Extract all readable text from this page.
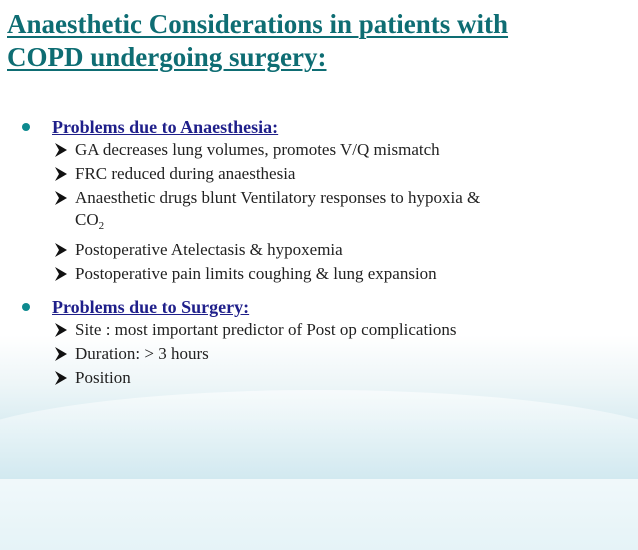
Anaesthetic Considerations in patients with
COPD undergoing surgery:
Problems due to Anaesthesia:
GA decreases lung volumes, promotes V/Q mismatch
FRC reduced during anaesthesia
Anaesthetic drugs blunt Ventilatory responses to hypoxia &
$CO_2$
Postoperative Atelectasis & hypoxemia
Postoperative pain limits coughing & lung expansion
Problems due to Surgery:
Site : most important predictor of Post op complications
Duration: > 3 hours
Position
